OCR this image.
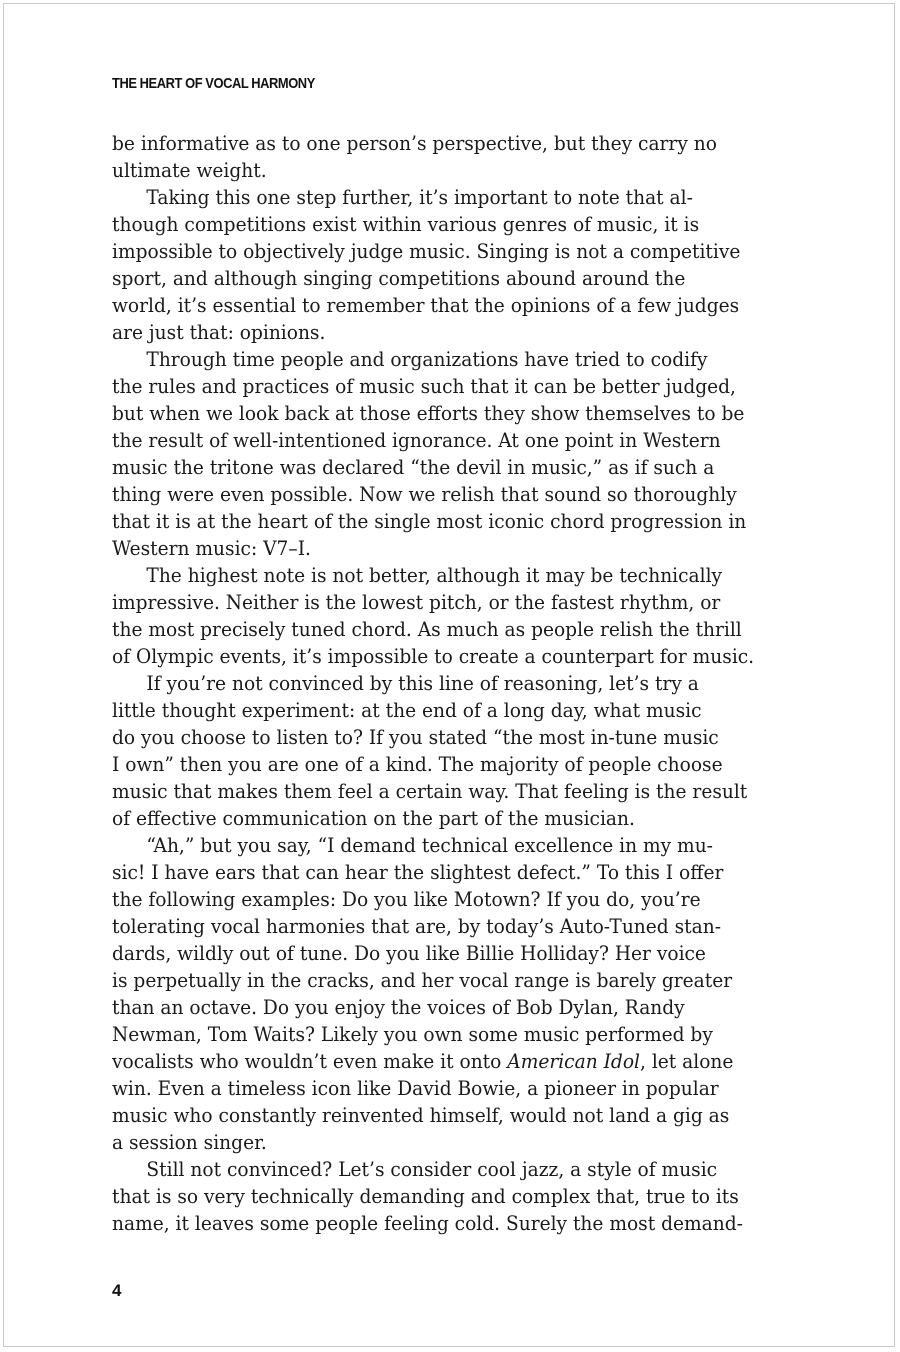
THE HEART OF VOCAL HARMONY
be informative as to one person’s perspective, but they carry no
ultimate weight.
Taking this one step further, it’s important to note that al-
though competitions exist within various genres of music, it is
impossible to objectively judge music. Singing is not a competitive
sport, and although singing competitions abound around the
world, it’s essential to remember that the opinions of a few judges
are just that: opinions.
Through time people and organizations have tried to codify
the rules and practices of music such that it can be better judged,
but when we look back at those efforts they show themselves to be
the result of well-intentioned ignorance. At one point in Western
music the tritone was declared “the devil in music,” as if such a
thing were even possible. Now we relish that sound so thoroughly
that it is at the heart of the single most iconic chord progression in
Western music: V7–I.
The highest note is not better, although it may be technically
impressive. Neither is the lowest pitch, or the fastest rhythm, or
the most precisely tuned chord. As much as people relish the thrill
of Olympic events, it’s impossible to create a counterpart for music.
If you’re not convinced by this line of reasoning, let’s try a
little thought experiment: at the end of a long day, what music
do you choose to listen to? If you stated “the most in-tune music
I own” then you are one of a kind. The majority of people choose
music that makes them feel a certain way. That feeling is the result
of effective communication on the part of the musician.
“Ah,” but you say, “I demand technical excellence in my mu-
sic! I have ears that can hear the slightest defect.” To this I offer
the following examples: Do you like Motown? If you do, you’re
tolerating vocal harmonies that are, by today’s Auto-Tuned stan-
dards, wildly out of tune. Do you like Billie Holliday? Her voice
is perpetually in the cracks, and her vocal range is barely greater
than an octave. Do you enjoy the voices of Bob Dylan, Randy
Newman, Tom Waits? Likely you own some music performed by
vocalists who wouldn’t even make it onto American Idol, let alone
win. Even a timeless icon like David Bowie, a pioneer in popular
music who constantly reinvented himself, would not land a gig as
a session singer.
Still not convinced? Let’s consider cool jazz, a style of music
that is so very technically demanding and complex that, true to its
name, it leaves some people feeling cold. Surely the most demand-
4
